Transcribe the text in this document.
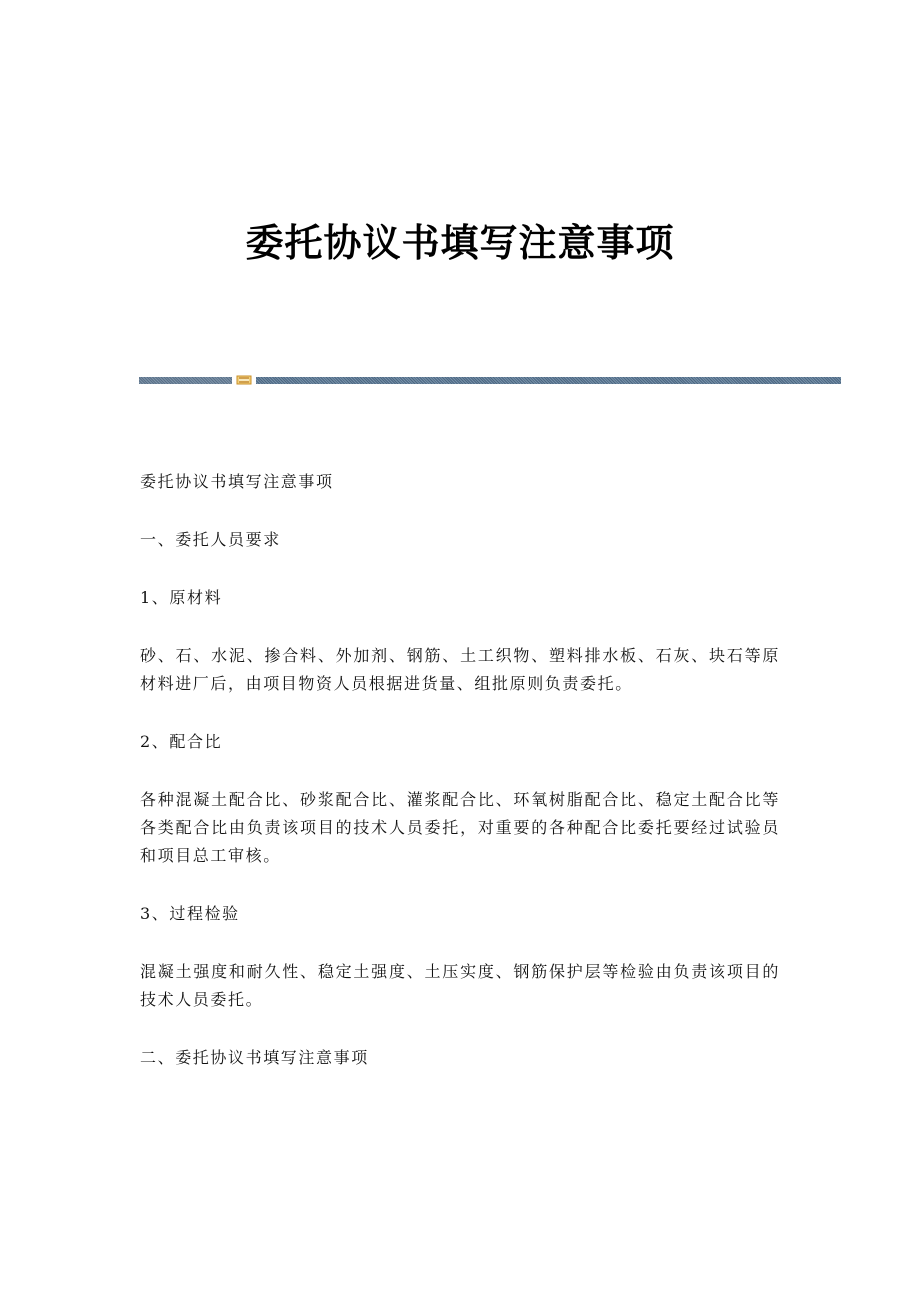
委托协议书填写注意事项

委托协议书填写注意事项

一、委托人员要求

1、原材料

砂、石、水泥、掺合料、外加剂、钢筋、土工织物、塑料排水板、石灰、块石等原材料进厂后，由项目物资人员根据进货量、组批原则负责委托。

2、配合比

各种混凝土配合比、砂浆配合比、灌浆配合比、环氧树脂配合比、稳定土配合比等各类配合比由负责该项目的技术人员委托，对重要的各种配合比委托要经过试验员和项目总工审核。

3、过程检验

混凝土强度和耐久性、稳定土强度、土压实度、钢筋保护层等检验由负责该项目的技术人员委托。

二、委托协议书填写注意事项
